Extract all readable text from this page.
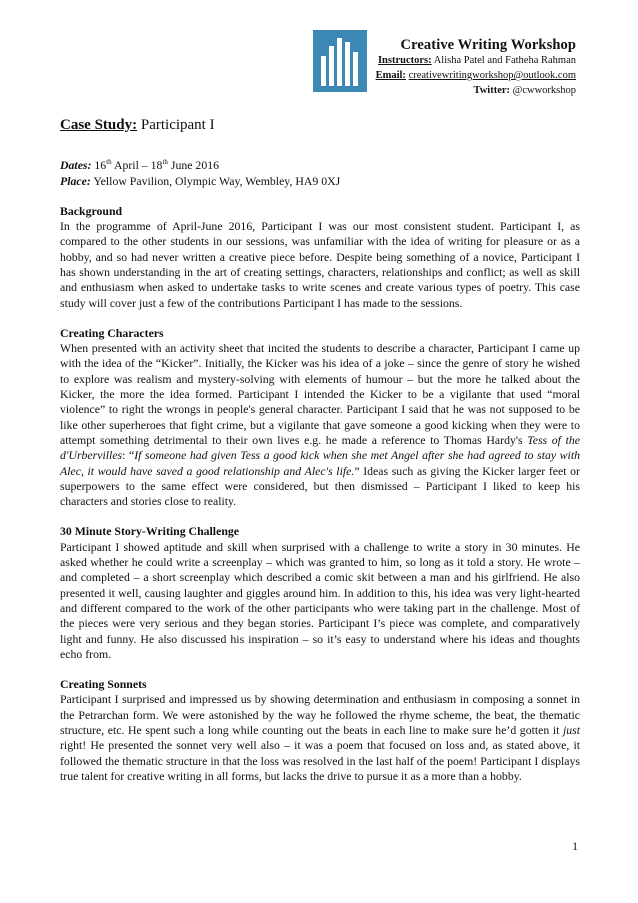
Creative Writing Workshop
Instructors: Alisha Patel and Fatheha Rahman
Email: creativewritingworkshop@outlook.com
Twitter: @cwworkshop
Case Study: Participant I

Dates: 16th April – 18th June 2016

Place: Yellow Pavilion, Olympic Way, Wembley, HA9 0XJ

Background

In the programme of April-June 2016, Participant I was our most consistent student. Participant I, as compared to the other students in our sessions, was unfamiliar with the idea of writing for pleasure or as a hobby, and so had never written a creative piece before. Despite being something of a novice, Participant I has shown understanding in the art of creating settings, characters, relationships and conflict; as well as skill and enthusiasm when asked to undertake tasks to write scenes and create various types of poetry. This case study will cover just a few of the contributions Participant I has made to the sessions.

Creating Characters

When presented with an activity sheet that incited the students to describe a character, Participant I came up with the idea of the “Kicker”. Initially, the Kicker was his idea of a joke – since the genre of story he wished to explore was realism and mystery-solving with elements of humour – but the more he talked about the Kicker, the more the idea formed. Participant I intended the Kicker to be a vigilante that used “moral violence” to right the wrongs in people's general character. Participant I said that he was not supposed to be like other superheroes that fight crime, but a vigilante that gave someone a good kicking when they were to attempt something detrimental to their own lives e.g. he made a reference to Thomas Hardy's Tess of the d'Urbervilles: “If someone had given Tess a good kick when she met Angel after she had agreed to stay with Alec, it would have saved a good relationship and Alec's life.” Ideas such as giving the Kicker larger feet or superpowers to the same effect were considered, but then dismissed – Participant I liked to keep his characters and stories close to reality.

30 Minute Story-Writing Challenge

Participant I showed aptitude and skill when surprised with a challenge to write a story in 30 minutes. He asked whether he could write a screenplay – which was granted to him, so long as it told a story. He wrote – and completed – a short screenplay which described a comic skit between a man and his girlfriend. He also presented it well, causing laughter and giggles around him. In addition to this, his idea was very light-hearted and different compared to the work of the other participants who were taking part in the challenge. Most of the pieces were very serious and they began stories. Participant I’s piece was complete, and comparatively light and funny. He also discussed his inspiration – so it’s easy to understand where his ideas and thoughts echo from.

Creating Sonnets

Participant I surprised and impressed us by showing determination and enthusiasm in composing a sonnet in the Petrarchan form. We were astonished by the way he followed the rhyme scheme, the beat, the thematic structure, etc. He spent such a long while counting out the beats in each line to make sure he’d gotten it just right! He presented the sonnet very well also – it was a poem that focused on loss and, as stated above, it followed the thematic structure in that the loss was resolved in the last half of the poem! Participant I displays true talent for creative writing in all forms, but lacks the drive to pursue it as a more than a hobby.

1
